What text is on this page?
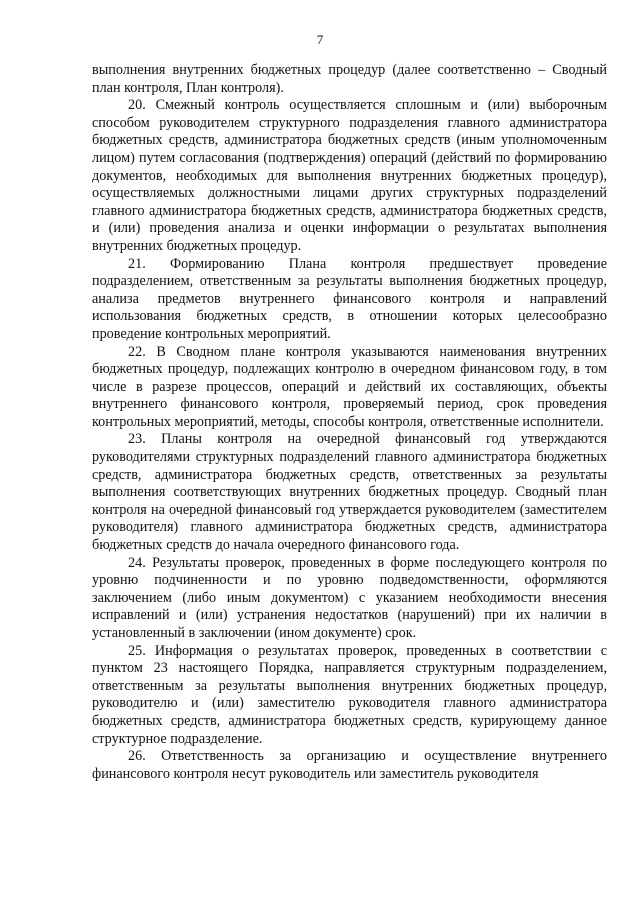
7

выполнения внутренних бюджетных процедур (далее соответственно – Сводный план контроля, План контроля).

20. Смежный контроль осуществляется сплошным и (или) выборочным способом руководителем структурного подразделения главного администратора бюджетных средств, администратора бюджетных средств (иным уполномоченным лицом) путем согласования (подтверждения) операций (действий по формированию документов, необходимых для выполнения внутренних бюджетных процедур), осуществляемых должностными лицами других структурных подразделений главного администратора бюджетных средств, администратора бюджетных средств, и (или) проведения анализа и оценки информации о результатах выполнения внутренних бюджетных процедур.

21. Формированию Плана контроля предшествует проведение подразделением, ответственным за результаты выполнения бюджетных процедур, анализа предметов внутреннего финансового контроля и направлений использования бюджетных средств, в отношении которых целесообразно проведение контрольных мероприятий.

22. В Сводном плане контроля указываются наименования внутренних бюджетных процедур, подлежащих контролю в очередном финансовом году, в том числе в разрезе процессов, операций и действий их составляющих, объекты внутреннего финансового контроля, проверяемый период, срок проведения контрольных мероприятий, методы, способы контроля, ответственные исполнители.

23. Планы контроля на очередной финансовый год утверждаются руководителями структурных подразделений главного администратора бюджетных средств, администратора бюджетных средств, ответственных за результаты выполнения соответствующих внутренних бюджетных процедур. Сводный план контроля на очередной финансовый год утверждается руководителем (заместителем руководителя) главного администратора бюджетных средств, администратора бюджетных средств до начала очередного финансового года.

24. Результаты проверок, проведенных в форме последующего контроля по уровню подчиненности и по уровню подведомственности, оформляются заключением (либо иным документом) с указанием необходимости внесения исправлений и (или) устранения недостатков (нарушений) при их наличии в установленный в заключении (ином документе) срок.

25. Информация о результатах проверок, проведенных в соответствии с пунктом 23 настоящего Порядка, направляется структурным подразделением, ответственным за результаты выполнения внутренних бюджетных процедур, руководителю и (или) заместителю руководителя главного администратора бюджетных средств, администратора бюджетных средств, курирующему данное структурное подразделение.

26. Ответственность за организацию и осуществление внутреннего финансового контроля несут руководитель или заместитель руководителя
